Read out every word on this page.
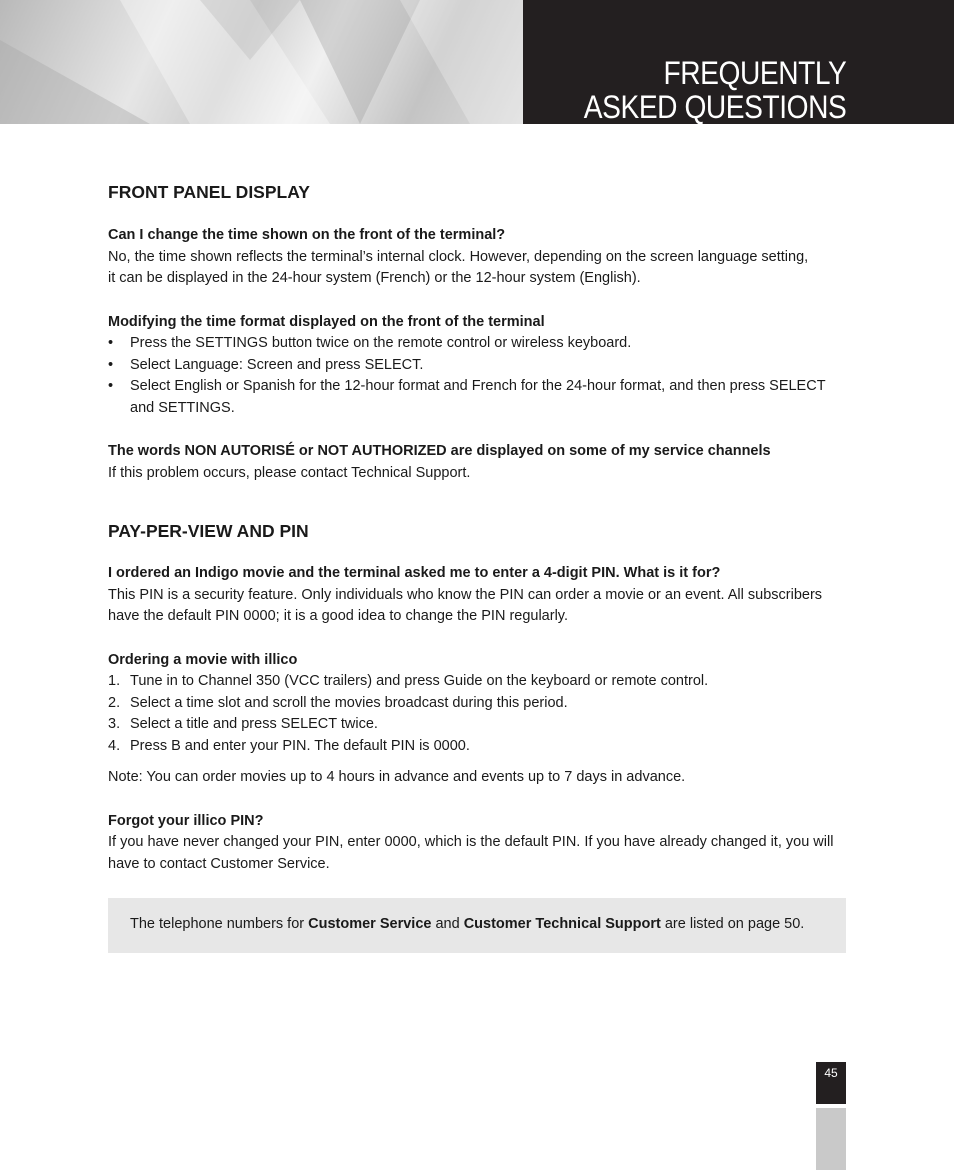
FREQUENTLY
ASKED QUESTIONS
FRONT PANEL DISPLAY

Can I change the time shown on the front of the terminal?

No, the time shown reflects the terminal’s internal clock. However, depending on the screen language setting,

it can be displayed in the 24-hour system (French) or the 12-hour system (English).

Modifying the time format displayed on the front of the terminal

• Press the SETTINGS button twice on the remote control or wireless keyboard.
• Select Language: Screen and press SELECT.
• Select English or Spanish for the 12-hour format and French for the 24-hour format, and then press SELECT and SETTINGS.

The words NON AUTORISÉ or NOT AUTHORIZED are displayed on some of my service channels

If this problem occurs, please contact Technical Support.

PAY-PER-VIEW AND PIN

I ordered an Indigo movie and the terminal asked me to enter a 4-digit PIN. What is it for?

This PIN is a security feature. Only individuals who know the PIN can order a movie or an event. All subscribers

have the default PIN 0000; it is a good idea to change the PIN regularly.

Ordering a movie with illico

1. Tune in to Channel 350 (VCC trailers) and press Guide on the keyboard or remote control.
2. Select a time slot and scroll the movies broadcast during this period.
3. Select a title and press SELECT twice.
4. Press B and enter your PIN. The default PIN is 0000.

Note: You can order movies up to 4 hours in advance and events up to 7 days in advance.

Forgot your illico PIN?

If you have never changed your PIN, enter 0000, which is the default PIN. If you have already changed it, you will

have to contact Customer Service.

The telephone numbers for Customer Service and Customer Technical Support are listed on page 50.
45
